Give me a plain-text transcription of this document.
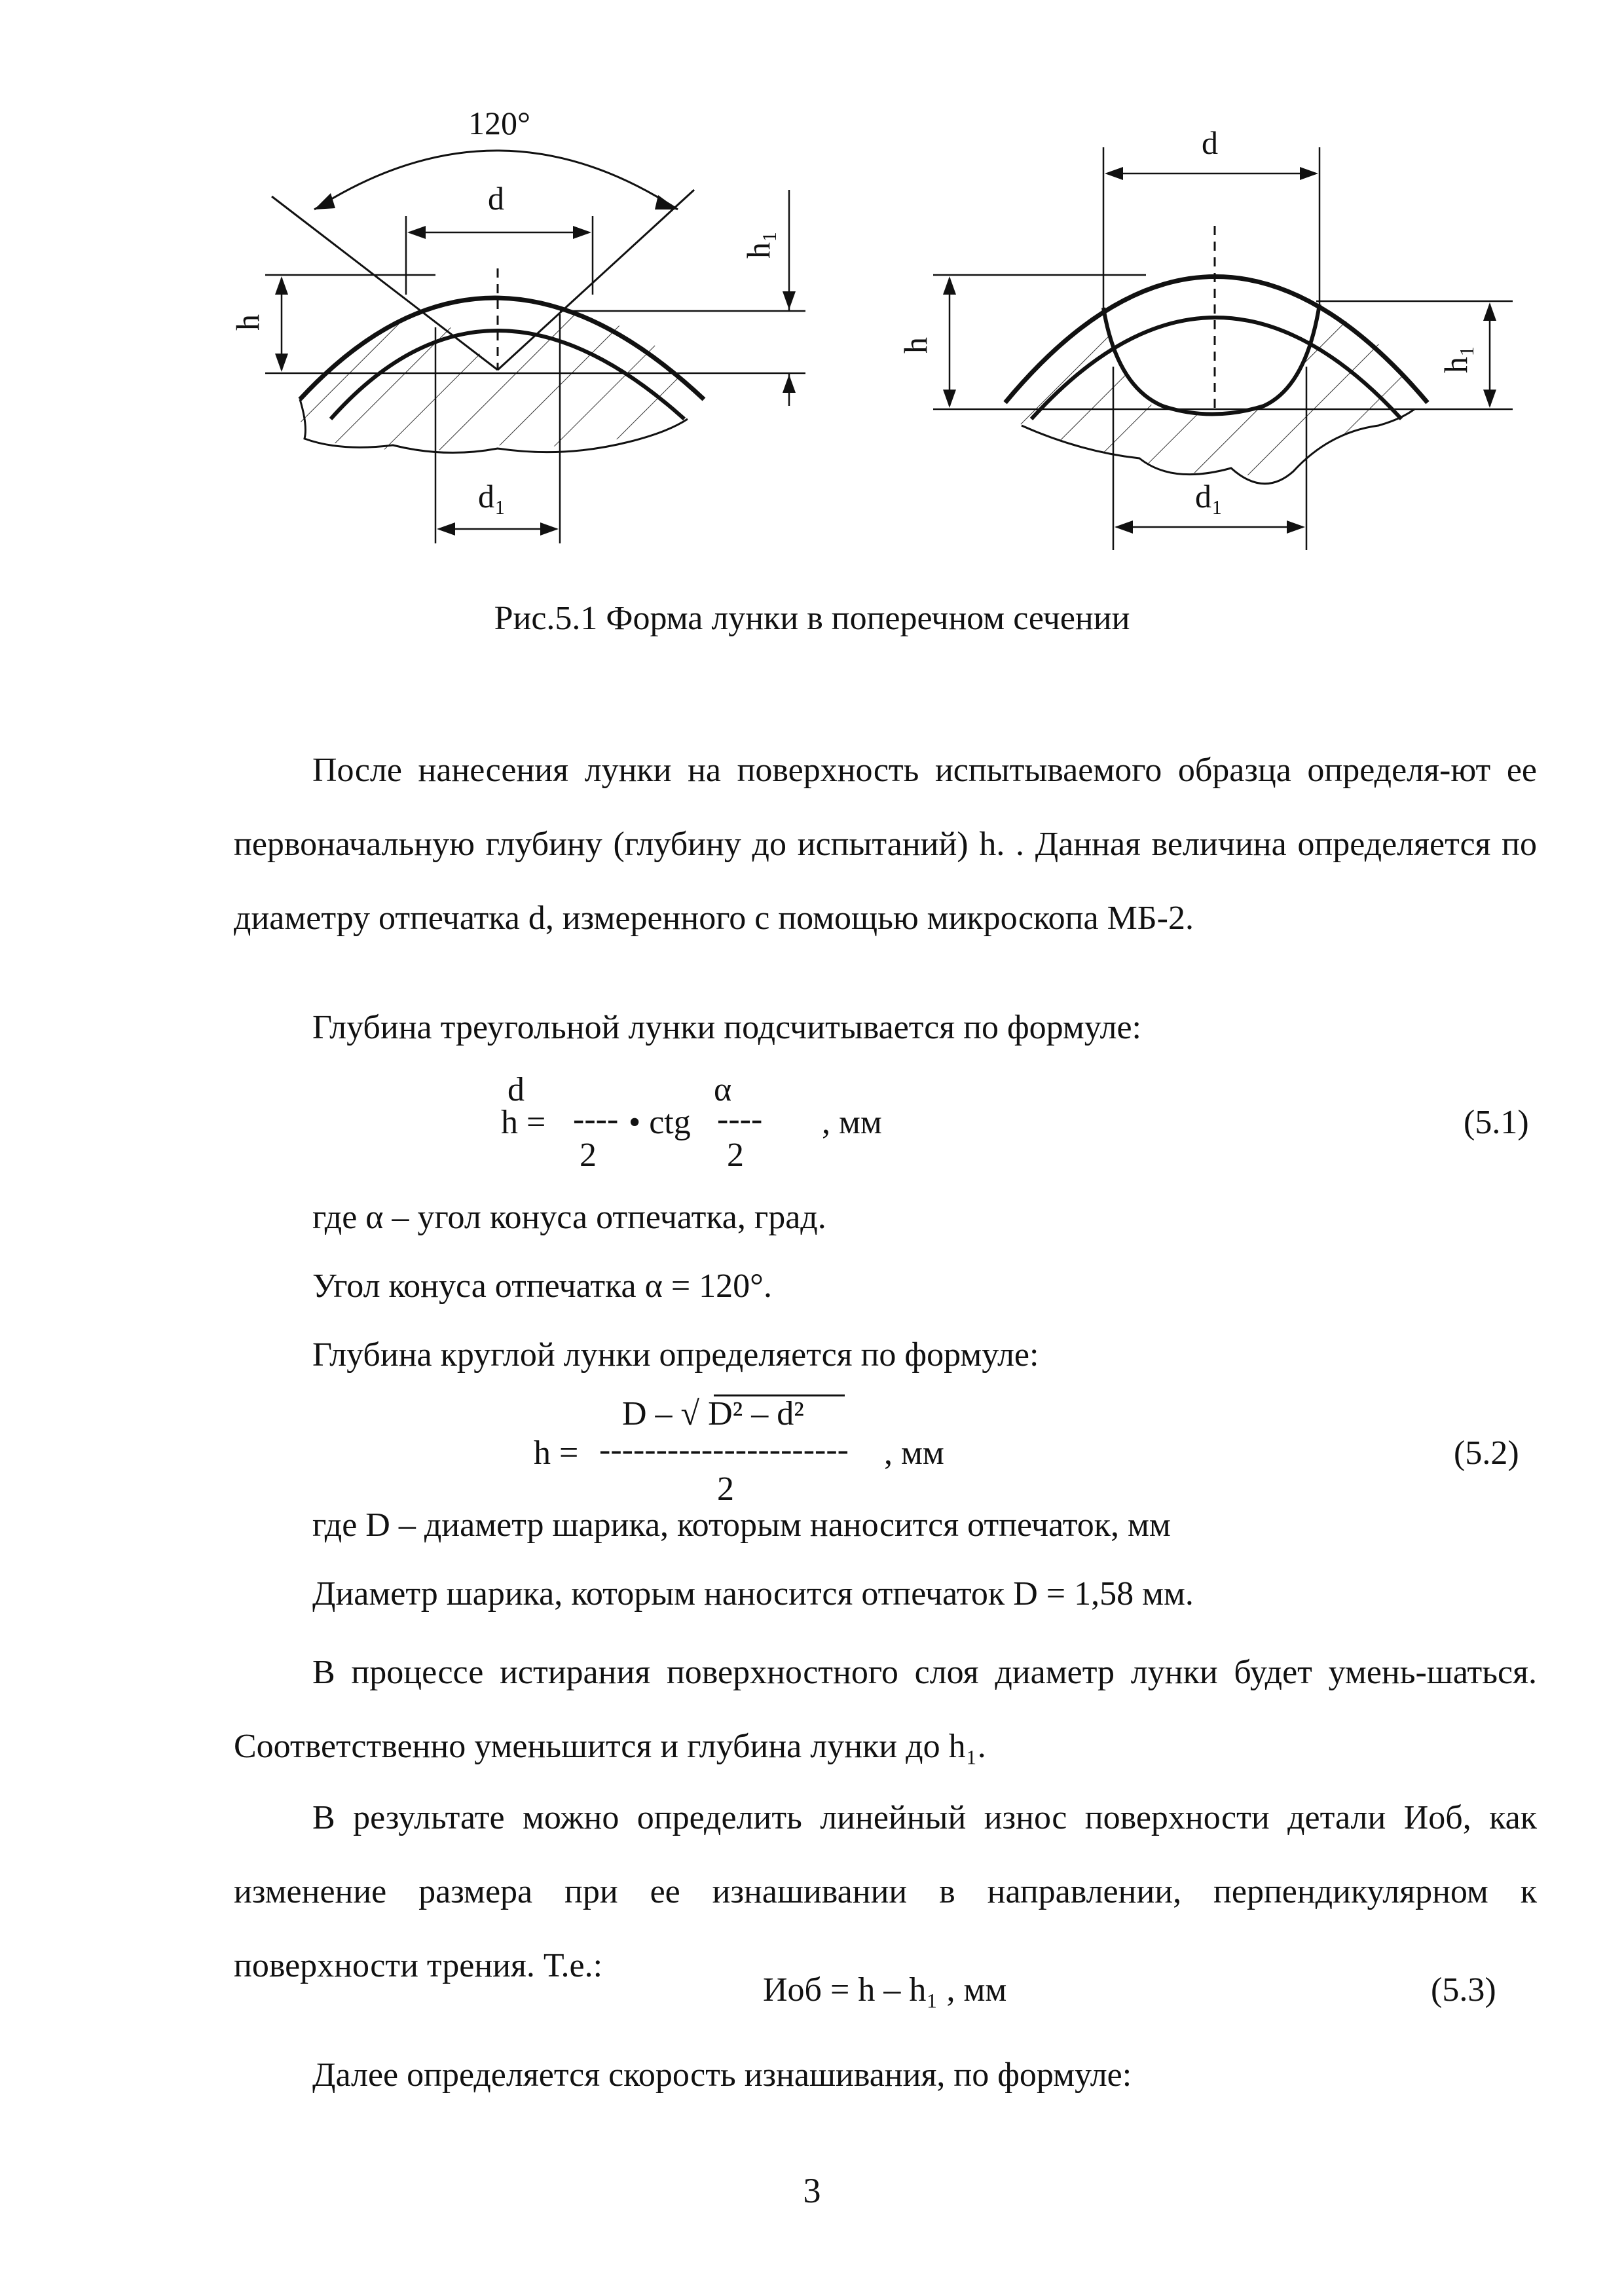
120°
d
h
h₁
d₁
d
h
h₁
d₁
Рис.5.1 Форма лунки в поперечном сечении

После нанесения лунки на поверхность испытываемого образца определя-ют ее первоначальную глубину (глубину до испытаний) h. . Данная величина определяется по диаметру отпечатка d, измеренного с помощью микроскопа МБ-2.

Глубина треугольной лунки подсчитывается по формуле:

d	α
h = ---- • ctg ---- , мм
2	2
(5.1)

где α – угол конуса отпечатка, град.

Угол конуса отпечатка α = 120°.

Глубина круглой лунки определяется по формуле:

D – √ D² – d²
h = ---------------------- , мм
2
(5.2)

где D – диаметр шарика, которым наносится отпечаток, мм

Диаметр шарика, которым наносится отпечаток D = 1,58 мм.

В процессе истирания поверхностного слоя диаметр лунки будет умень-шаться. Соответственно уменьшится и глубина лунки до h₁.

В результате можно определить линейный износ поверхности детали Иоб, как изменение размера при ее изнашивании в направлении, перпендикулярном к поверхности трения. Т.е.:

Иоб = h – h₁ , мм	(5.3)

Далее определяется скорость изнашивания, по формуле:

3
